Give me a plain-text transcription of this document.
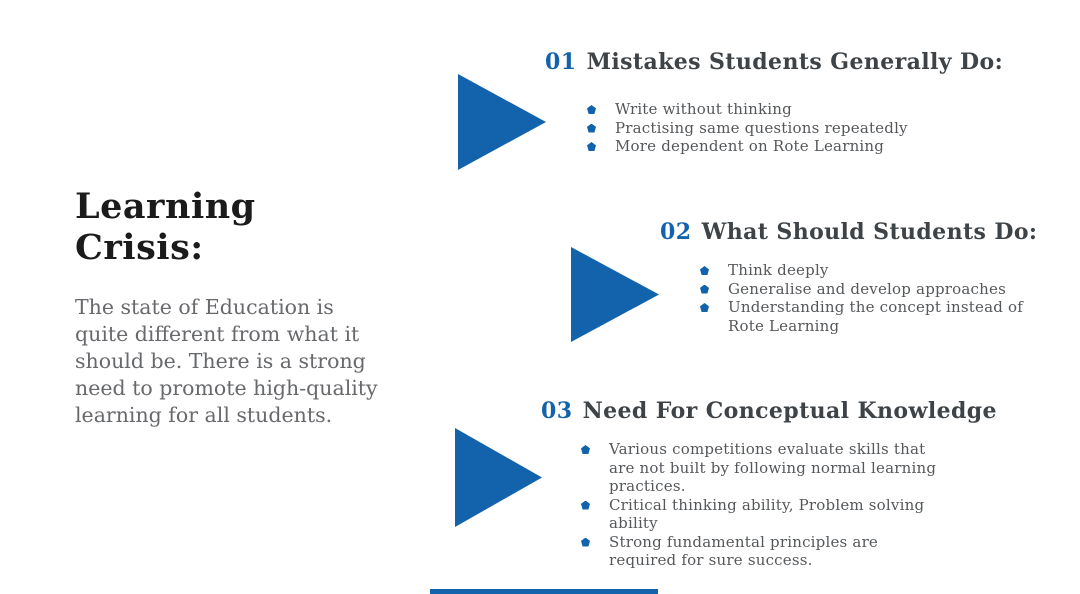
Learning Crisis:

The state of Education is quite different from what it should be. There is a strong need to promote high-quality learning for all students.

01 Mistakes Students Generally Do:
Write without thinking
Practising same questions repeatedly
More dependent on Rote Learning
02 What Should Students Do:
Think deeply
Generalise and develop approaches
Understanding the concept instead of Rote Learning
03 Need For Conceptual Knowledge
Various competitions evaluate skills that are not built by following normal learning practices.
Critical thinking ability, Problem solving ability
Strong fundamental principles are required for sure success.
